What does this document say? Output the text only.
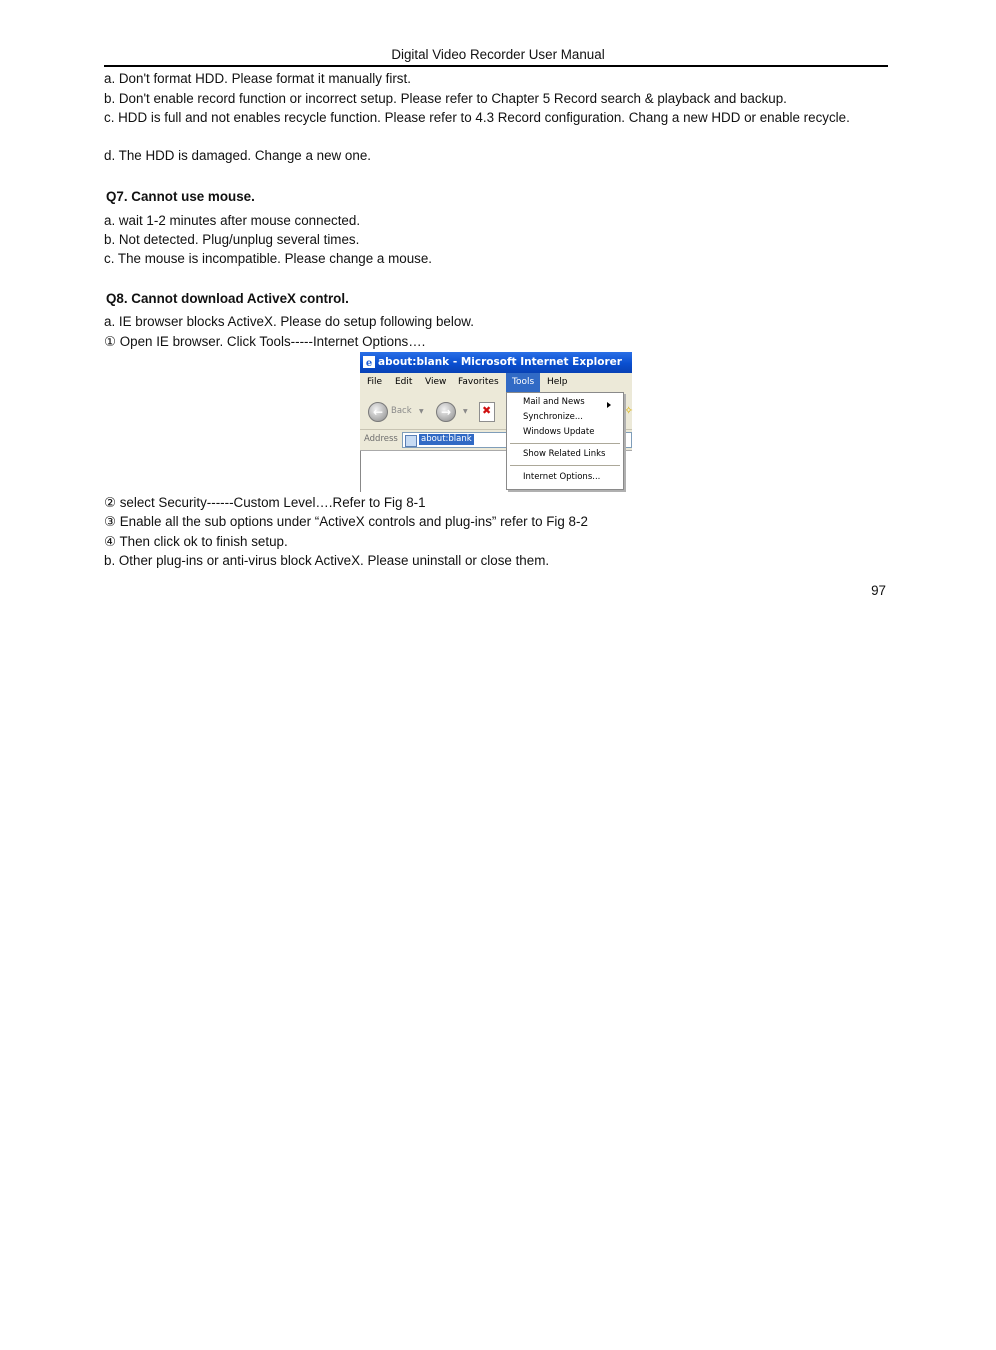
Digital Video Recorder User Manual
a. Don't format HDD. Please format it manually first.
b. Don't enable record function or incorrect setup. Please refer to Chapter 5 Record search & playback and backup.
c. HDD is full and not enables recycle function. Please refer to 4.3 Record configuration. Chang a new HDD or enable recycle.
d. The HDD is damaged. Change a new one.
Q7. Cannot use mouse.
a. wait 1-2 minutes after mouse connected.
b. Not detected. Plug/unplug several times.
c. The mouse is incompatible. Please change a mouse.
Q8. Cannot download ActiveX control.
a. IE browser blocks ActiveX. Please do setup following below.
① Open IE browser. Click Tools-----Internet Options….
e about:blank - Microsoft Internet Explorer
File	Edit	View	Favorites	Tools	Help
← Back ▼ → ▼ ✖
Address	about:blank
✧
Mail and News
Synchronize...
Windows Update
Show Related Links
Internet Options...
② select Security------Custom Level….Refer to Fig 8-1
③ Enable all the sub options under “ActiveX controls and plug-ins” refer to Fig 8-2
④ Then click ok to finish setup.
b. Other plug-ins or anti-virus block ActiveX. Please uninstall or close them.
97
